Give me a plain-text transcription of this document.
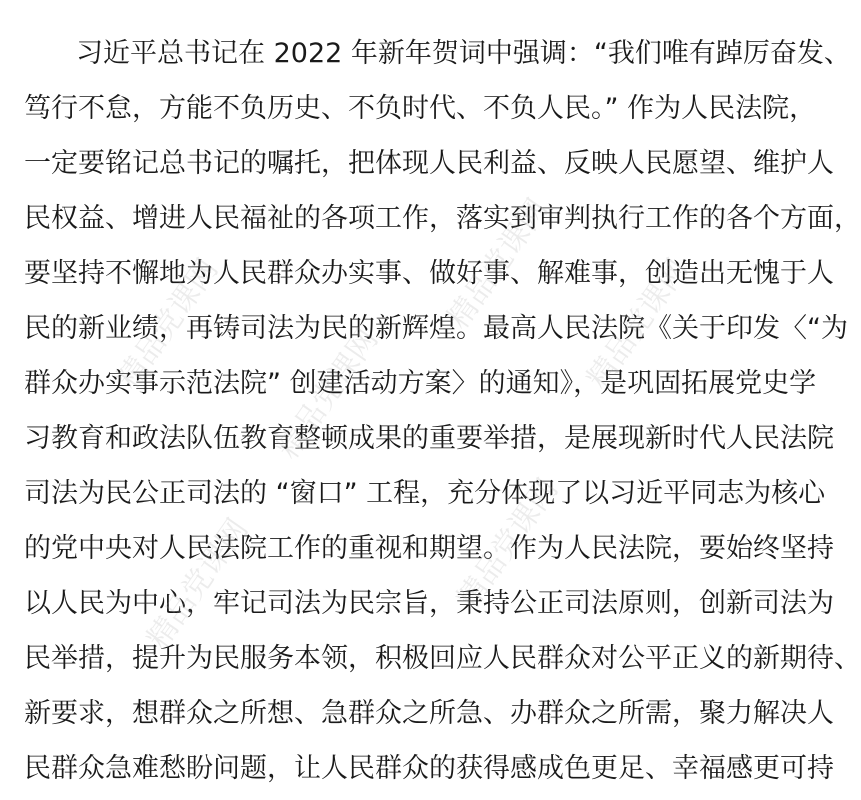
习近平总书记在 2022 年新年贺词中强调：“我们唯有踔厉奋发、
笃行不怠，方能不负历史、不负时代、不负人民。” 作为人民法院，
一定要铭记总书记的嘱托，把体现人民利益、反映人民愿望、维护人
民权益、增进人民福祉的各项工作，落实到审判执行工作的各个方面，
要坚持不懈地为人民群众办实事、做好事、解难事，创造出无愧于人
民的新业绩，再铸司法为民的新辉煌。最高人民法院《关于印发〈“为
群众办实事示范法院” 创建活动方案〉的通知》，是巩固拓展党史学
习教育和政法队伍教育整顿成果的重要举措，是展现新时代人民法院
司法为民公正司法的 “窗口” 工程，充分体现了以习近平同志为核心
的党中央对人民法院工作的重视和期望。作为人民法院，要始终坚持
以人民为中心，牢记司法为民宗旨，秉持公正司法原则，创新司法为
民举措，提升为民服务本领，积极回应人民群众对公平正义的新期待、
新要求，想群众之所想、急群众之所急、办群众之所需，聚力解决人
民群众急难愁盼问题，让人民群众的获得感成色更足、幸福感更可持
精品党课网 精品党课网
精品党课网 精品党课网
精品党课网	精品党课网
